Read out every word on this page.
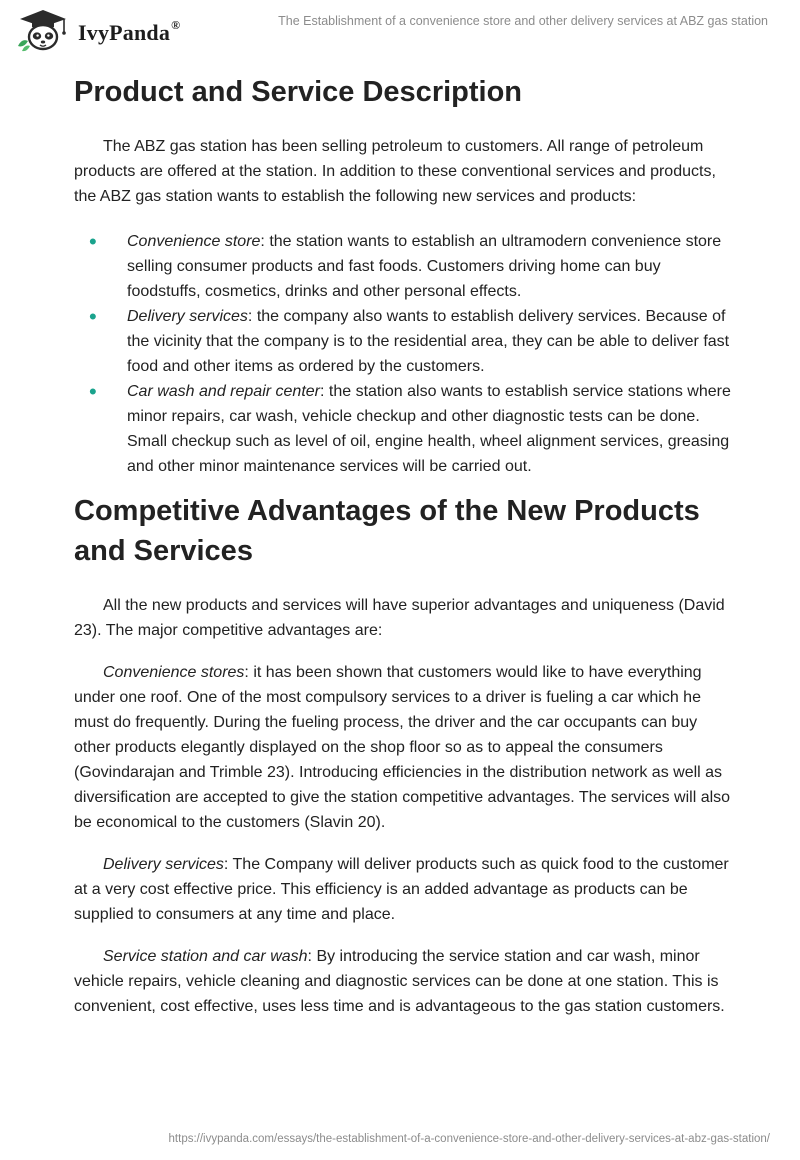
IvyPanda®	The Establishment of a convenience store and other delivery services at ABZ gas station
Product and Service Description

The ABZ gas station has been selling petroleum to customers. All range of petroleum products are offered at the station. In addition to these conventional services and products, the ABZ gas station wants to establish the following new services and products:

• Convenience store: the station wants to establish an ultramodern convenience store selling consumer products and fast foods. Customers driving home can buy foodstuffs, cosmetics, drinks and other personal effects.
• Delivery services: the company also wants to establish delivery services. Because of the vicinity that the company is to the residential area, they can be able to deliver fast food and other items as ordered by the customers.
• Car wash and repair center: the station also wants to establish service stations where minor repairs, car wash, vehicle checkup and other diagnostic tests can be done. Small checkup such as level of oil, engine health, wheel alignment services, greasing and other minor maintenance services will be carried out.
Competitive Advantages of the New Products and Services

All the new products and services will have superior advantages and uniqueness (David 23). The major competitive advantages are:

Convenience stores: it has been shown that customers would like to have everything under one roof. One of the most compulsory services to a driver is fueling a car which he must do frequently. During the fueling process, the driver and the car occupants can buy other products elegantly displayed on the shop floor so as to appeal the consumers (Govindarajan and Trimble 23). Introducing efficiencies in the distribution network as well as diversification are accepted to give the station competitive advantages. The services will also be economical to the customers (Slavin 20).

Delivery services: The Company will deliver products such as quick food to the customer at a very cost effective price. This efficiency is an added advantage as products can be supplied to consumers at any time and place.

Service station and car wash: By introducing the service station and car wash, minor vehicle repairs, vehicle cleaning and diagnostic services can be done at one station. This is convenient, cost effective, uses less time and is advantageous to the gas station customers.

https://ivypanda.com/essays/the-establishment-of-a-convenience-store-and-other-delivery-services-at-abz-gas-station/
